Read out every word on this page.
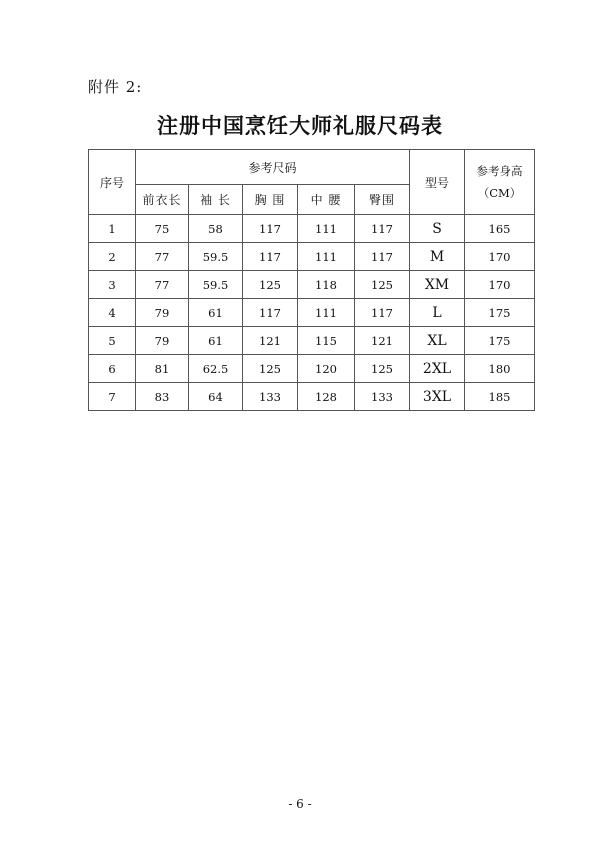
附件 2:
注册中国烹饪大师礼服尺码表
序号	参考尺码					型号	参考身高
（CM）

	前衣长	袖 长	胸 围	中 腰	臀围		
1	75	58	117	111	117	S	165
2	77	59.5	117	111	117	M	170
3	77	59.5	125	118	125	XM	170
4	79	61	117	111	117	L	175
5	79	61	121	115	121	XL	175
6	81	62.5	125	120	125	2XL	180
7	83	64	133	128	133	3XL	185
- 6 -
